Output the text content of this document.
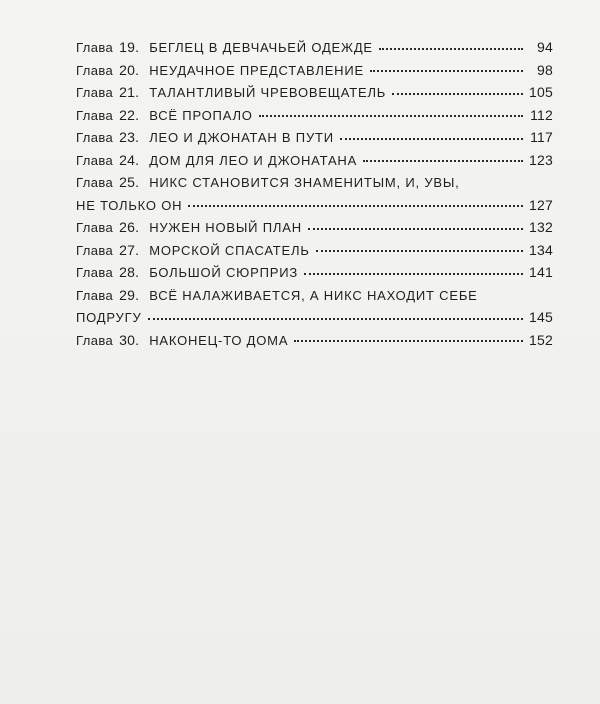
Глава 19. БЕГЛЕЦ В ДЕВЧАЧЬЕЙ ОДЕЖДЕ	94
Глава 20. НЕУДАЧНОЕ ПРЕДСТАВЛЕНИЕ	98
Глава 21. ТАЛАНТЛИВЫЙ ЧРЕВОВЕЩАТЕЛЬ	105
Глава 22. ВСЁ ПРОПАЛО	112
Глава 23. ЛЕО И ДЖОНАТАН В ПУТИ	117
Глава 24. ДОМ ДЛЯ ЛЕО И ДЖОНАТАНА	123
Глава 25. НИКС СТАНОВИТСЯ ЗНАМЕНИТЫМ, И, УВЫ,
НЕ ТОЛЬКО ОН	127
Глава 26. НУЖЕН НОВЫЙ ПЛАН	132
Глава 27. МОРСКОЙ СПАСАТЕЛЬ	134
Глава 28. БОЛЬШОЙ СЮРПРИЗ	141
Глава 29. ВСЁ НАЛАЖИВАЕТСЯ, А НИКС НАХОДИТ СЕБЕ
ПОДРУГУ	145
Глава 30. НАКОНЕЦ-ТО ДОМА	152
